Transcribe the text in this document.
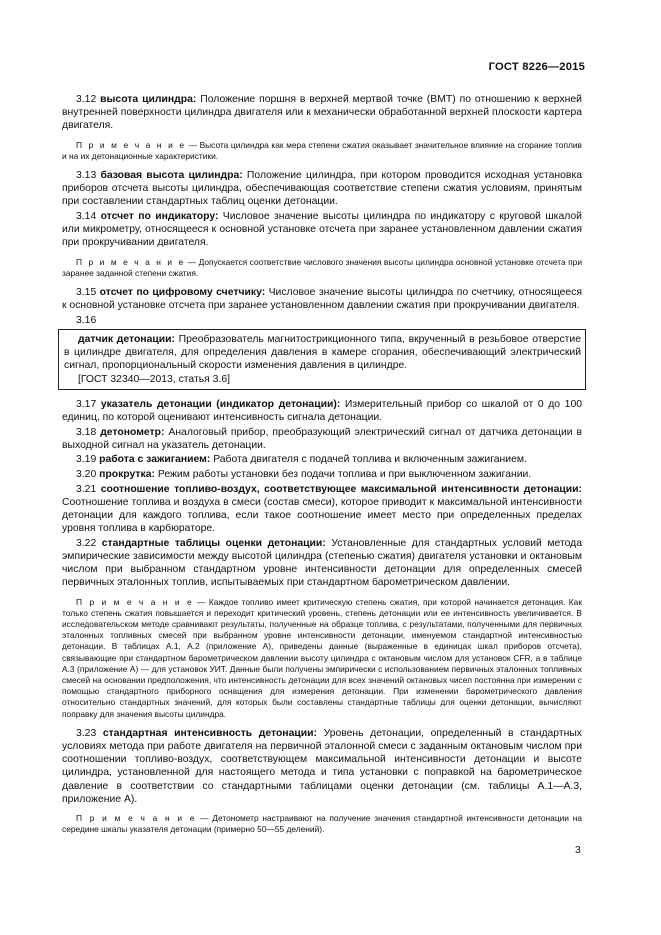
ГОСТ 8226—2015

3.12 высота цилиндра: Положение поршня в верхней мертвой точке (ВМТ) по отношению к верхней внутренней поверхности цилиндра двигателя или к механически обработанной верхней плоскости картера двигателя.

П р и м е ч а н и е — Высота цилиндра как мера степени сжатия оказывает значительное влияние на сгорание топлив и на их детонационные характеристики.

3.13 базовая высота цилиндра: Положение цилиндра, при котором проводится исходная установка приборов отсчета высоты цилиндра, обеспечивающая соответствие степени сжатия условиям, принятым при составлении стандартных таблиц оценки детонации.

3.14 отсчет по индикатору: Числовое значение высоты цилиндра по индикатору с круговой шкалой или микрометру, относящееся к основной установке отсчета при заранее установленном давлении сжатия при прокручивании двигателя.

П р и м е ч а н и е — Допускается соответствие числового значения высоты цилиндра основной установке отсчета при заранее заданной степени сжатия.

3.15 отсчет по цифровому счетчику: Числовое значение высоты цилиндра по счетчику, относящееся к основной установке отсчета при заранее установленном давлении сжатия при прокручивании двигателя.

3.16

датчик детонации: Преобразователь магнитострикционного типа, вкрученный в резьбовое отверстие в цилиндре двигателя, для определения давления в камере сгорания, обеспечивающий электрический сигнал, пропорциональный скорости изменения давления в цилиндре.

[ГОСТ 32340—2013, статья 3.6]

3.17 указатель детонации (индикатор детонации): Измерительный прибор со шкалой от 0 до 100 единиц, по которой оценивают интенсивность сигнала детонации.

3.18 детонометр: Аналоговый прибор, преобразующий электрический сигнал от датчика детонации в выходной сигнал на указатель детонации.

3.19 работа с зажиганием: Работа двигателя с подачей топлива и включенным зажиганием.

3.20 прокрутка: Режим работы установки без подачи топлива и при выключенном зажигании.

3.21 соотношение топливо-воздух, соответствующее максимальной интенсивности детонации: Соотношение топлива и воздуха в смеси (состав смеси), которое приводит к максимальной интенсивности детонации для каждого топлива, если такое соотношение имеет место при определенных пределах уровня топлива в карбюраторе.

3.22 стандартные таблицы оценки детонации: Установленные для стандартных условий метода эмпирические зависимости между высотой цилиндра (степенью сжатия) двигателя установки и октановым числом при выбранном стандартном уровне интенсивности детонации для определенных смесей первичных эталонных топлив, испытываемых при стандартном барометрическом давлении.

П р и м е ч а н и е — Каждое топливо имеет критическую степень сжатия, при которой начинается детонация. Как только степень сжатия повышается и переходит критический уровень, степень детонации или ее интенсивность увеличивается. В исследовательском методе сравнивают результаты, полученные на образце топлива, с результатами, полученными для первичных эталонных топливных смесей при выбранном уровне интенсивности детонации, именуемом стандартной интенсивностью детонации. В таблицах А.1, А.2 (приложение А), приведены данные (выраженные в единицах шкал приборов отсчета), связывающие при стандартном барометрическом давлении высоту цилиндра с октановым числом для установок CFR, а в таблице А.3 (приложение А) — для установок УИТ. Данные были получены эмпирически с использованием первичных эталонных топливных смесей на основании предположения, что интенсивность детонации для всех значений октановых чисел постоянна при измерении с помощью стандартного приборного оснащения для измерения детонации. При изменении барометрического давления относительно стандартных значений, для которых были составлены стандартные таблицы для оценки детонации, вычисляют поправку для значения высоты цилиндра.

3.23 стандартная интенсивность детонации: Уровень детонации, определенный в стандартных условиях метода при работе двигателя на первичной эталонной смеси с заданным октановым числом при соотношении топливо-воздух, соответствующем максимальной интенсивности детонации и высоте цилиндра, установленной для настоящего метода и типа установки с поправкой на барометрическое давление в соответствии со стандартными таблицами оценки детонации (см. таблицы А.1—А.3, приложение А).

П р и м е ч а н и е — Детонометр настраивают на получение значения стандартной интенсивности детонации на середине шкалы указателя детонации (примерно 50—55 делений).

3
